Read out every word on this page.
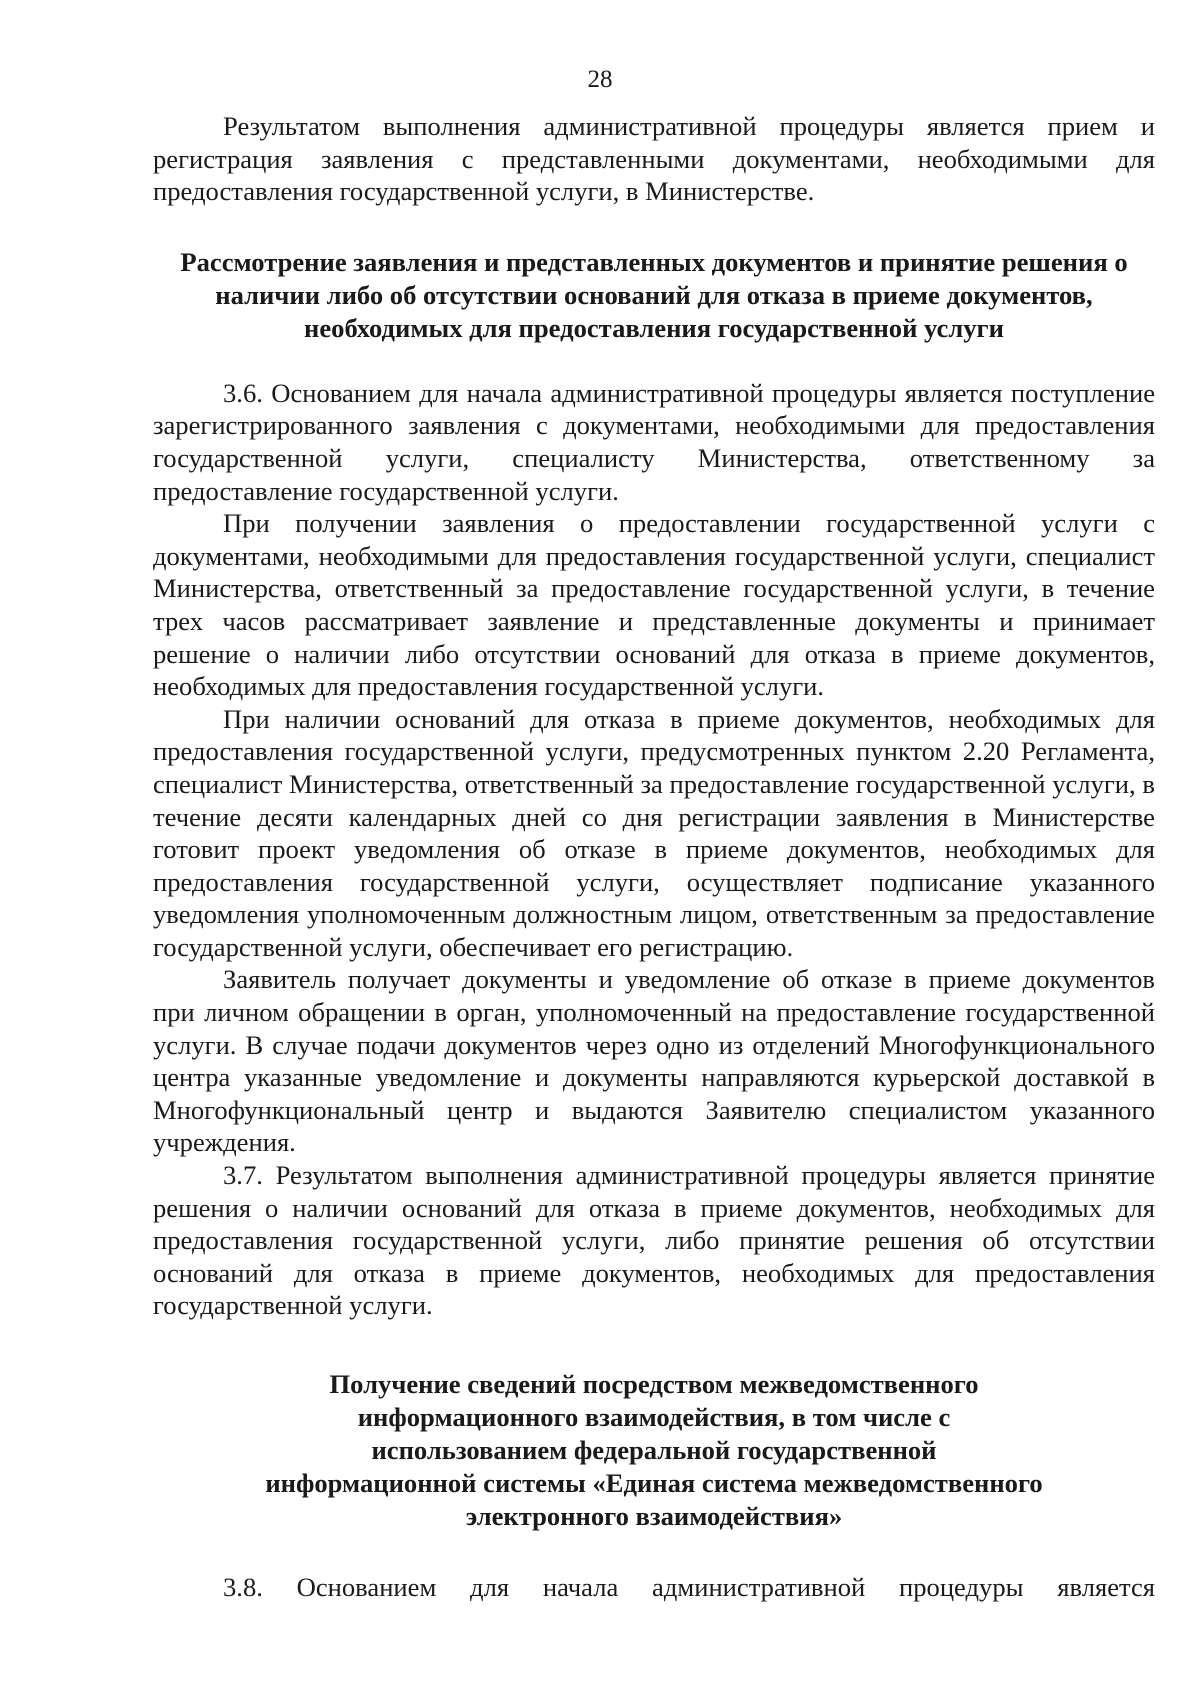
28

Результатом выполнения административной процедуры является прием и регистрация заявления с представленными документами, необходимыми для предоставления государственной услуги, в Министерстве.

Рассмотрение заявления и представленных документов и принятие решения о наличии либо об отсутствии оснований для отказа в приеме документов, необходимых для предоставления государственной услуги

3.6. Основанием для начала административной процедуры является поступление зарегистрированного заявления с документами, необходимыми для предоставления государственной услуги, специалисту Министерства, ответственному за предоставление государственной услуги.

При получении заявления о предоставлении государственной услуги с документами, необходимыми для предоставления государственной услуги, специалист Министерства, ответственный за предоставление государственной услуги, в течение трех часов рассматривает заявление и представленные документы и принимает решение о наличии либо отсутствии оснований для отказа в приеме документов, необходимых для предоставления государственной услуги.

При наличии оснований для отказа в приеме документов, необходимых для предоставления государственной услуги, предусмотренных пунктом 2.20 Регламента, специалист Министерства, ответственный за предоставление государственной услуги, в течение десяти календарных дней со дня регистрации заявления в Министерстве готовит проект уведомления об отказе в приеме документов, необходимых для предоставления государственной услуги, осуществляет подписание указанного уведомления уполномоченным должностным лицом, ответственным за предоставление государственной услуги, обеспечивает его регистрацию.

Заявитель получает документы и уведомление об отказе в приеме документов при личном обращении в орган, уполномоченный на предоставление государственной услуги. В случае подачи документов через одно из отделений Многофункционального центра указанные уведомление и документы направляются курьерской доставкой в Многофункциональный центр и выдаются Заявителю специалистом указанного учреждения.

3.7. Результатом выполнения административной процедуры является принятие решения о наличии оснований для отказа в приеме документов, необходимых для предоставления государственной услуги, либо принятие решения об отсутствии оснований для отказа в приеме документов, необходимых для предоставления государственной услуги.

Получение сведений посредством межведомственного информационного взаимодействия, в том числе с использованием федеральной государственной информационной системы «Единая система межведомственного электронного взаимодействия»

3.8. Основанием для начала административной процедуры является
